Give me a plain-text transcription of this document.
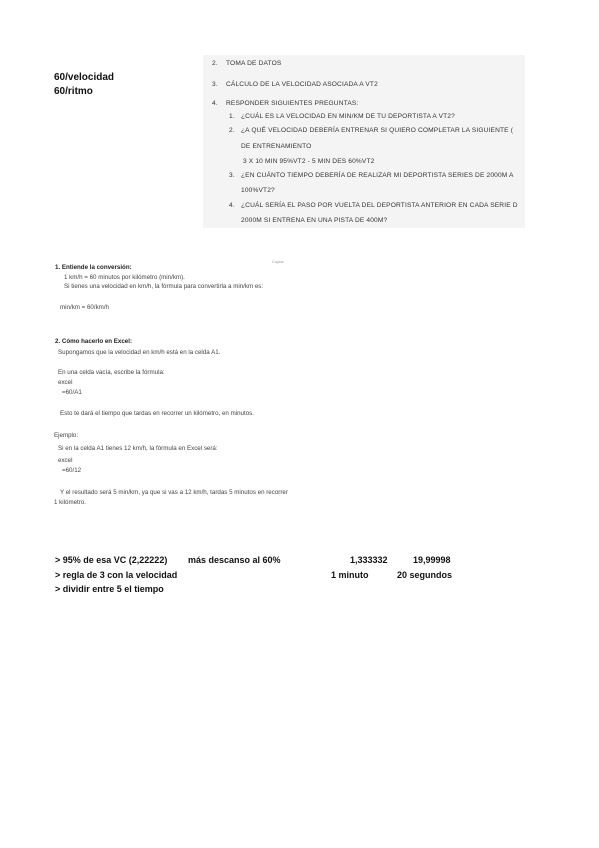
60/velocidad
60/ritmo
2. TOMA DE DATOS
3. CÁLCULO DE LA VELOCIDAD ASOCIADA A VT2
4. RESPONDER SIGUIENTES PREGUNTAS:
1. ¿CUÁL ES LA VELOCIDAD EN MIN/KM DE TU DEPORTISTA A VT2?
2. ¿A QUÉ VELOCIDAD DEBERÍA ENTRENAR SI QUIERO COMPLETAR LA SIGUIENTE (
DE ENTRENAMIENTO
3 X 10 MIN 95%VT2 - 5 MIN DES 60%VT2
3. ¿EN CUÁNTO TIEMPO DEBERÍA DE REALIZAR MI DEPORTISTA SERIES DE 2000M A
100%VT2?
4. ¿CUÁL SERÍA EL PASO POR VUELTA DEL DEPORTISTA ANTERIOR EN CADA SERIE D
2000M SI ENTRENA EN UNA PISTA DE 400M?
Copiar
1. Entiende la conversión:
1 km/h = 60 minutos por kilómetro (min/km).
Si tienes una velocidad en km/h, la fórmula para convertirla a min/km es:
min/km = 60/km/h
2. Cómo hacerlo en Excel:
Supongamos que la velocidad en km/h está en la celda A1.
En una celda vacía, escribe la fórmula:
excel
=60/A1
Esto te dará el tiempo que tardas en recorrer un kilómetro, en minutos.
Ejemplo:
Si en la celda A1 tienes 12 km/h, la fórmula en Excel será:
excel
=60/12
Y el resultado será 5 min/km, ya que si vas a 12 km/h, tardas 5 minutos en recorrer
1 kilómetro.
> 95% de esa VC (2,22222) más descanso al 60%	1,333332	19,99998
> regla de 3 con la velocidad	1 minuto	20 segundos
> dividir entre 5 el tiempo
